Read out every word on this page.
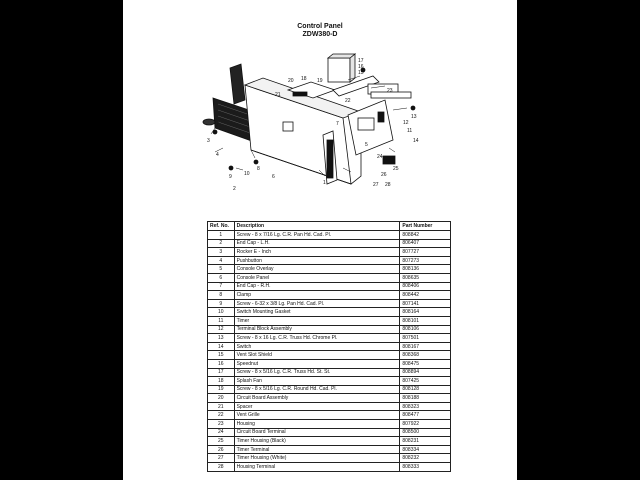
Control Panel
ZDW380-D
3
4
9 10
8
6
1
7
21
20 18 19
17
16
15
22
23
13
12
11
14
5
24
25
26
27 28
2
Ref. No.	Description	Part Number
1	Screw - 8 x 7/16 Lg. C.R. Pan Hd. Cad. Pl.	808842
2	End Cap - L.H.	806407
3	Rocker E - Inch	807727
4	Pushbutton	807273
5	Console Overlay	808136
6	Console Panel	808635
7	End Cap - R.H.	808406
8	Clamp	808442
9	Screw - 6-32 x 3/8 Lg. Pan Hd. Cad. Pl.	807141
10	Switch Mounting Gasket	808164
11	Timer	808101
12	Terminal Block Assembly	808106
13	Screw - 8 x 16 Lg. C.R. Truss Hd. Chrome Pl.	807501
14	Switch	808167
15	Vent Slot Shield	808368
16	Speednut	808475
17	Screw - 8 x 5/16 Lg. C.R. Truss Hd. St. St.	808894
18	Splash Fan	807425
19	Screw - 8 x 5/16 Lg. C.R. Round Hd. Cad. Pl.	808128
20	Circuit Board Assembly	808188
21	Spacer	808323
22	Vent Grille	808477
23	Housing	807922
24	Circuit Board Terminal	808500
25	Timer Housing (Black)	808231
26	Timer Terminal	808334
27	Timer Housing (White)	808232
28	Housing Terminal	808333
